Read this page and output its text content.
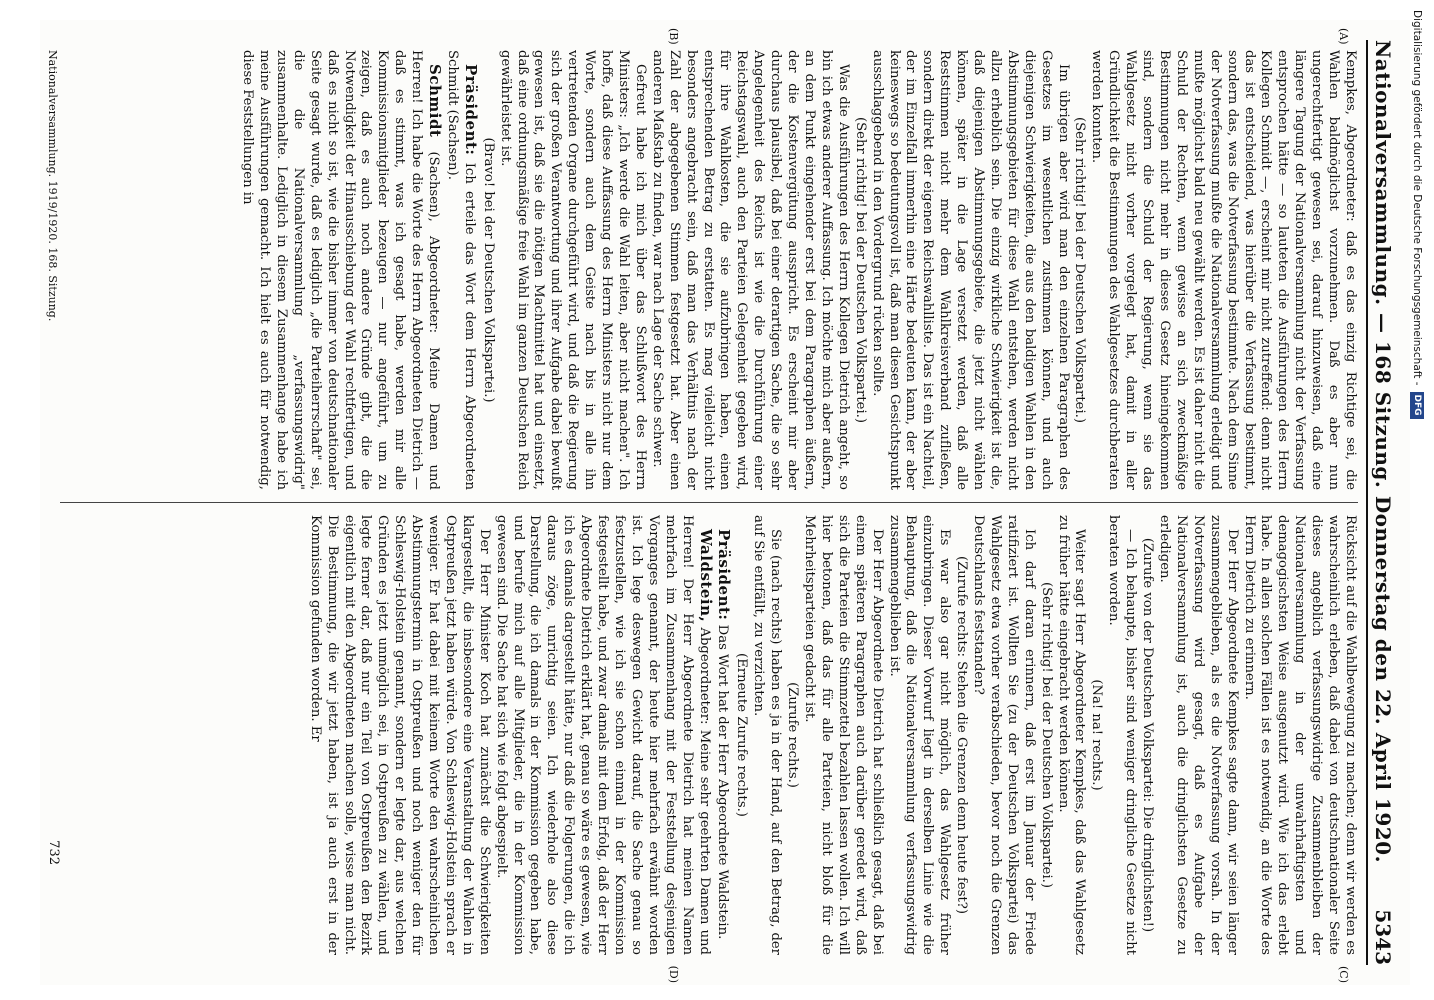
Nationalversammlung. — 168 Sitzung. Donnerstag den 22. April 1920.
5343
(A)
(B)
(C)
(D)

Kempkes, Abgeordneter: daß es das einzig Richtige sei, die Wahlen baldmöglichst vorzunehmen. Daß es aber nun ungerechtfertigt gewesen sei, darauf hinzuweisen, daß eine längere Tagung der Nationalversammlung nicht der Verfassung entsprochen hätte — so lauteten die Ausführungen des Herrn Kollegen Schmidt —, erscheint mir nicht zutreffend: denn nicht das ist entscheidend, was hierüber die Verfassung bestimmt, sondern das, was die Notverfassung bestimmte. Nach dem Sinne der Notverfassung mußte die Nationalversammlung erledigt und mußte möglichst bald neu gewählt werden. Es ist daher nicht die Schuld der Rechten, wenn gewisse an sich zweckmäßige Bestimmungen nicht mehr in dieses Gesetz hineingekommen sind, sondern die Schuld der Regierung, wenn sie das Wahlgesetz nicht vorher vorgelegt hat, damit in aller Gründlichkeit die Bestimmungen des Wahlgesetzes durchberaten werden konnten.

(Sehr richtig! bei der Deutschen Volkspartei.)

Im übrigen aber wird man den einzelnen Paragraphen des Gesetzes im wesentlichen zustimmen können, und auch diejenigen Schwierigkeiten, die aus den baldigen Wahlen in den Abstimmungsgebieten für diese Wahl entstehen, werden nicht allzu erheblich sein. Die einzig wirkliche Schwierigkeit ist die, daß diejenigen Abstimmungsgebiete, die jetzt nicht wählen können, später in die Lage versetzt werden, daß alle Reststimmen nicht mehr dem Wahlkreisverband zufließen, sondern direkt der eigenen Reichswahlliste. Das ist ein Nachteil, der im Einzelfall immerhin eine Härte bedeuten kann, der aber keineswegs so bedeutungsvoll ist, daß man diesen Gesichtspunkt ausschlaggebend in den Vordergrund rücken sollte.

(Sehr richtig! bei der Deutschen Volkspartei.)

Was die Ausführungen des Herrn Kollegen Dietrich angeht, so bin ich etwas anderer Auffassung. Ich möchte mich aber außern, an dem Punkt eingehender erst bei dem Paragraphen äußern, der die Kostenvergütung ausspricht. Es erscheint mir aber durchaus plausibel, daß bei einer derartigen Sache, die so sehr Angelegenheit des Reichs ist wie die Durchführung einer Reichstagswahl, auch den Parteien Gelegenheit gegeben wird, für ihre Wahlkosten, die sie aufzubringen haben, einen entsprechenden Betrag zu erstatten. Es mag vielleicht nicht besonders angebracht sein, daß man das Verhältnis nach der Zahl der abgegebenen Stimmen festgesetzt hat. Aber einen anderen Maßstab zu finden, war nach Lage der Sache schwer.

Gefreut habe ich mich über das Schlußwort des Herrn Ministers: „Ich werde die Wahl leiten, aber nicht machen". Ich hoffe, daß diese Auffassung des Herrn Ministers nicht nur dem Worte, sondern auch dem Geiste nach bis in alle ihn vertretenden Organe durchgeführt wird, und daß die Regierung sich der großen Verantwortung und ihrer Aufgabe dabei bewußt gewesen ist, daß sie die nötigen Machtmittel hat und einsetzt, daß eine ordnungsmäßige freie Wahl im ganzen Deutschen Reich gewährleistet ist.

(Bravo! bei der Deutschen Volkspartei.)

Präsident: Ich erteile das Wort dem Herrn Abgeordneten Schmidt (Sachsen).

Schmidt (Sachsen), Abgeordneter: Meine Damen und Herren! Ich habe die Worte des Herrn Abgeordneten Dietrich — daß es stimmt, was ich gesagt habe, werden mir alle Kommissionsmitglieder bezeugen — nur angeführt, um zu zeigen, daß es auch noch andere Gründe gibt, die die Notwendigkeit der Hinausschiebung der Wahl rechtfertigen, und daß es nicht so ist, wie die bisher immer von deutschnationaler Seite gesagt wurde, daß es lediglich „die Parteiherrschaft" sei, die die Nationalversammlung „verfassungswidrig" zusammenhalte. Lediglich in diesem Zusammenhange habe ich meine Ausführungen gemacht. Ich hielt es auch für notwendig, diese Feststellungen in

Rücksicht auf die Wahlbewegung zu machen; denn wir werden es wahrscheinlich erleben, daß dabei von deutschnationaler Seite dieses angeblich verfassungswidrige Zusammenbleiben der Nationalversammlung in der unwahrhaftigsten und demagogischsten Weise ausgenutzt wird. Wie ich das erlebt habe. In allen solchen Fällen ist es notwendig, an die Worte des Herrn Dietrich zu erinnern.

Der Herr Abgeordnete Kempkes sagte dann, wir seien länger zusammengeblieben, als es die Notverfassung vorsah. In der Notverfassung wird gesagt, daß es Aufgabe der Nationalversammlung ist, auch die dringlichsten Gesetze zu erledigen.

(Zurufe von der Deutschen Volkspartei: Die dringlichsten!)

— Ich behaupte, bisher sind weniger dringliche Gesetze nicht beraten worden.

(Na! na! rechts.)

Weiter sagt Herr Abgeordneter Kempkes, daß das Wahlgesetz zu früher hätte eingebracht werden können.

(Sehr richtig! bei der Deutschen Volkspartei.)

Ich darf daran erinnern, daß erst im Januar der Friede ratifiziert ist. Wollten Sie (zu der Deutschen Volkspartei) das Wahlgesetz etwa vorher verabschieden, bevor noch die Grenzen Deutschlands feststanden?

(Zurufe rechts: Stehen die Grenzen denn heute fest?)

Es war also gar nicht möglich, das Wahlgesetz früher einzubringen. Dieser Vorwurf liegt in derselben Linie wie die Behauptung, daß die Nationalversammlung verfassungswidrig zusammengeblieben ist.

Der Herr Abgeordnete Dietrich hat schließlich gesagt, daß bei einem späteren Paragraphen auch darüber geredet wird, daß sich die Parteien die Stimmzettel bezahlen lassen wollen. Ich will hier betonen, daß das für alle Parteien, nicht bloß für die Mehrheitsparteien gedacht ist.

(Zurufe rechts.)

Sie (nach rechts) haben es ja in der Hand, auf den Betrag, der auf Sie entfällt, zu verzichten.

(Erneute Zurufe rechts.)

Präsident: Das Wort hat der Herr Abgeordnete Waldstein.

Waldstein, Abgeordneter: Meine sehr geehrten Damen und Herren! Der Herr Abgeordnete Dietrich hat meinen Namen mehrfach im Zusammenhang mit der Feststellung desjenigen Vorganges genannt, der heute hier mehrfach erwähnt worden ist. Ich lege deswegen Gewicht darauf, die Sache genau so festzustellen, wie ich sie schon einmal in der Kommission festgestellt habe, und zwar damals mit dem Erfolg, daß der Herr Abgeordnete Dietrich erklärt hat, genau so wäre es gewesen, wie ich es damals dargestellt hätte, nur daß die Folgerungen, die ich daraus zöge, unrichtig seien. Ich wiederhole also diese Darstellung, die ich damals in der Kommission gegeben habe, und berufe mich auf alle Mitglieder, die in der Kommission gewesen sind. Die Sache hat sich wie folgt abgespielt.

Der Herr Minister Koch hat zunächst die Schwierigkeiten klargestellt, die insbesondere eine Veranstaltung der Wahlen in Ostpreußen jetzt haben würde. Von Schleswig-Holstein sprach er weniger. Er hat dabei mit keinem Worte den wahrscheinlichen Abstimmungstermin in Ostpreußen und noch weniger den für Schleswig-Holstein genannt, sondern er legte dar, aus welchen Gründen es jetzt unmöglich sei, in Ostpreußen zu wählen, und legte ferner dar, daß nur ein Teil von Ostpreußen den Bezirk eigentlich mit den Abgeordneten machen solle, wisse man nicht. Die Bestimmung, die wir jetzt haben, ist ja auch erst in der Kommission gefunden worden. Er

Nationalversammlung. 1919/1920. 168. Sitzung.
732
Digitalisierung gefördert durch die Deutsche Forschungsgemeinschaft -
DFG
